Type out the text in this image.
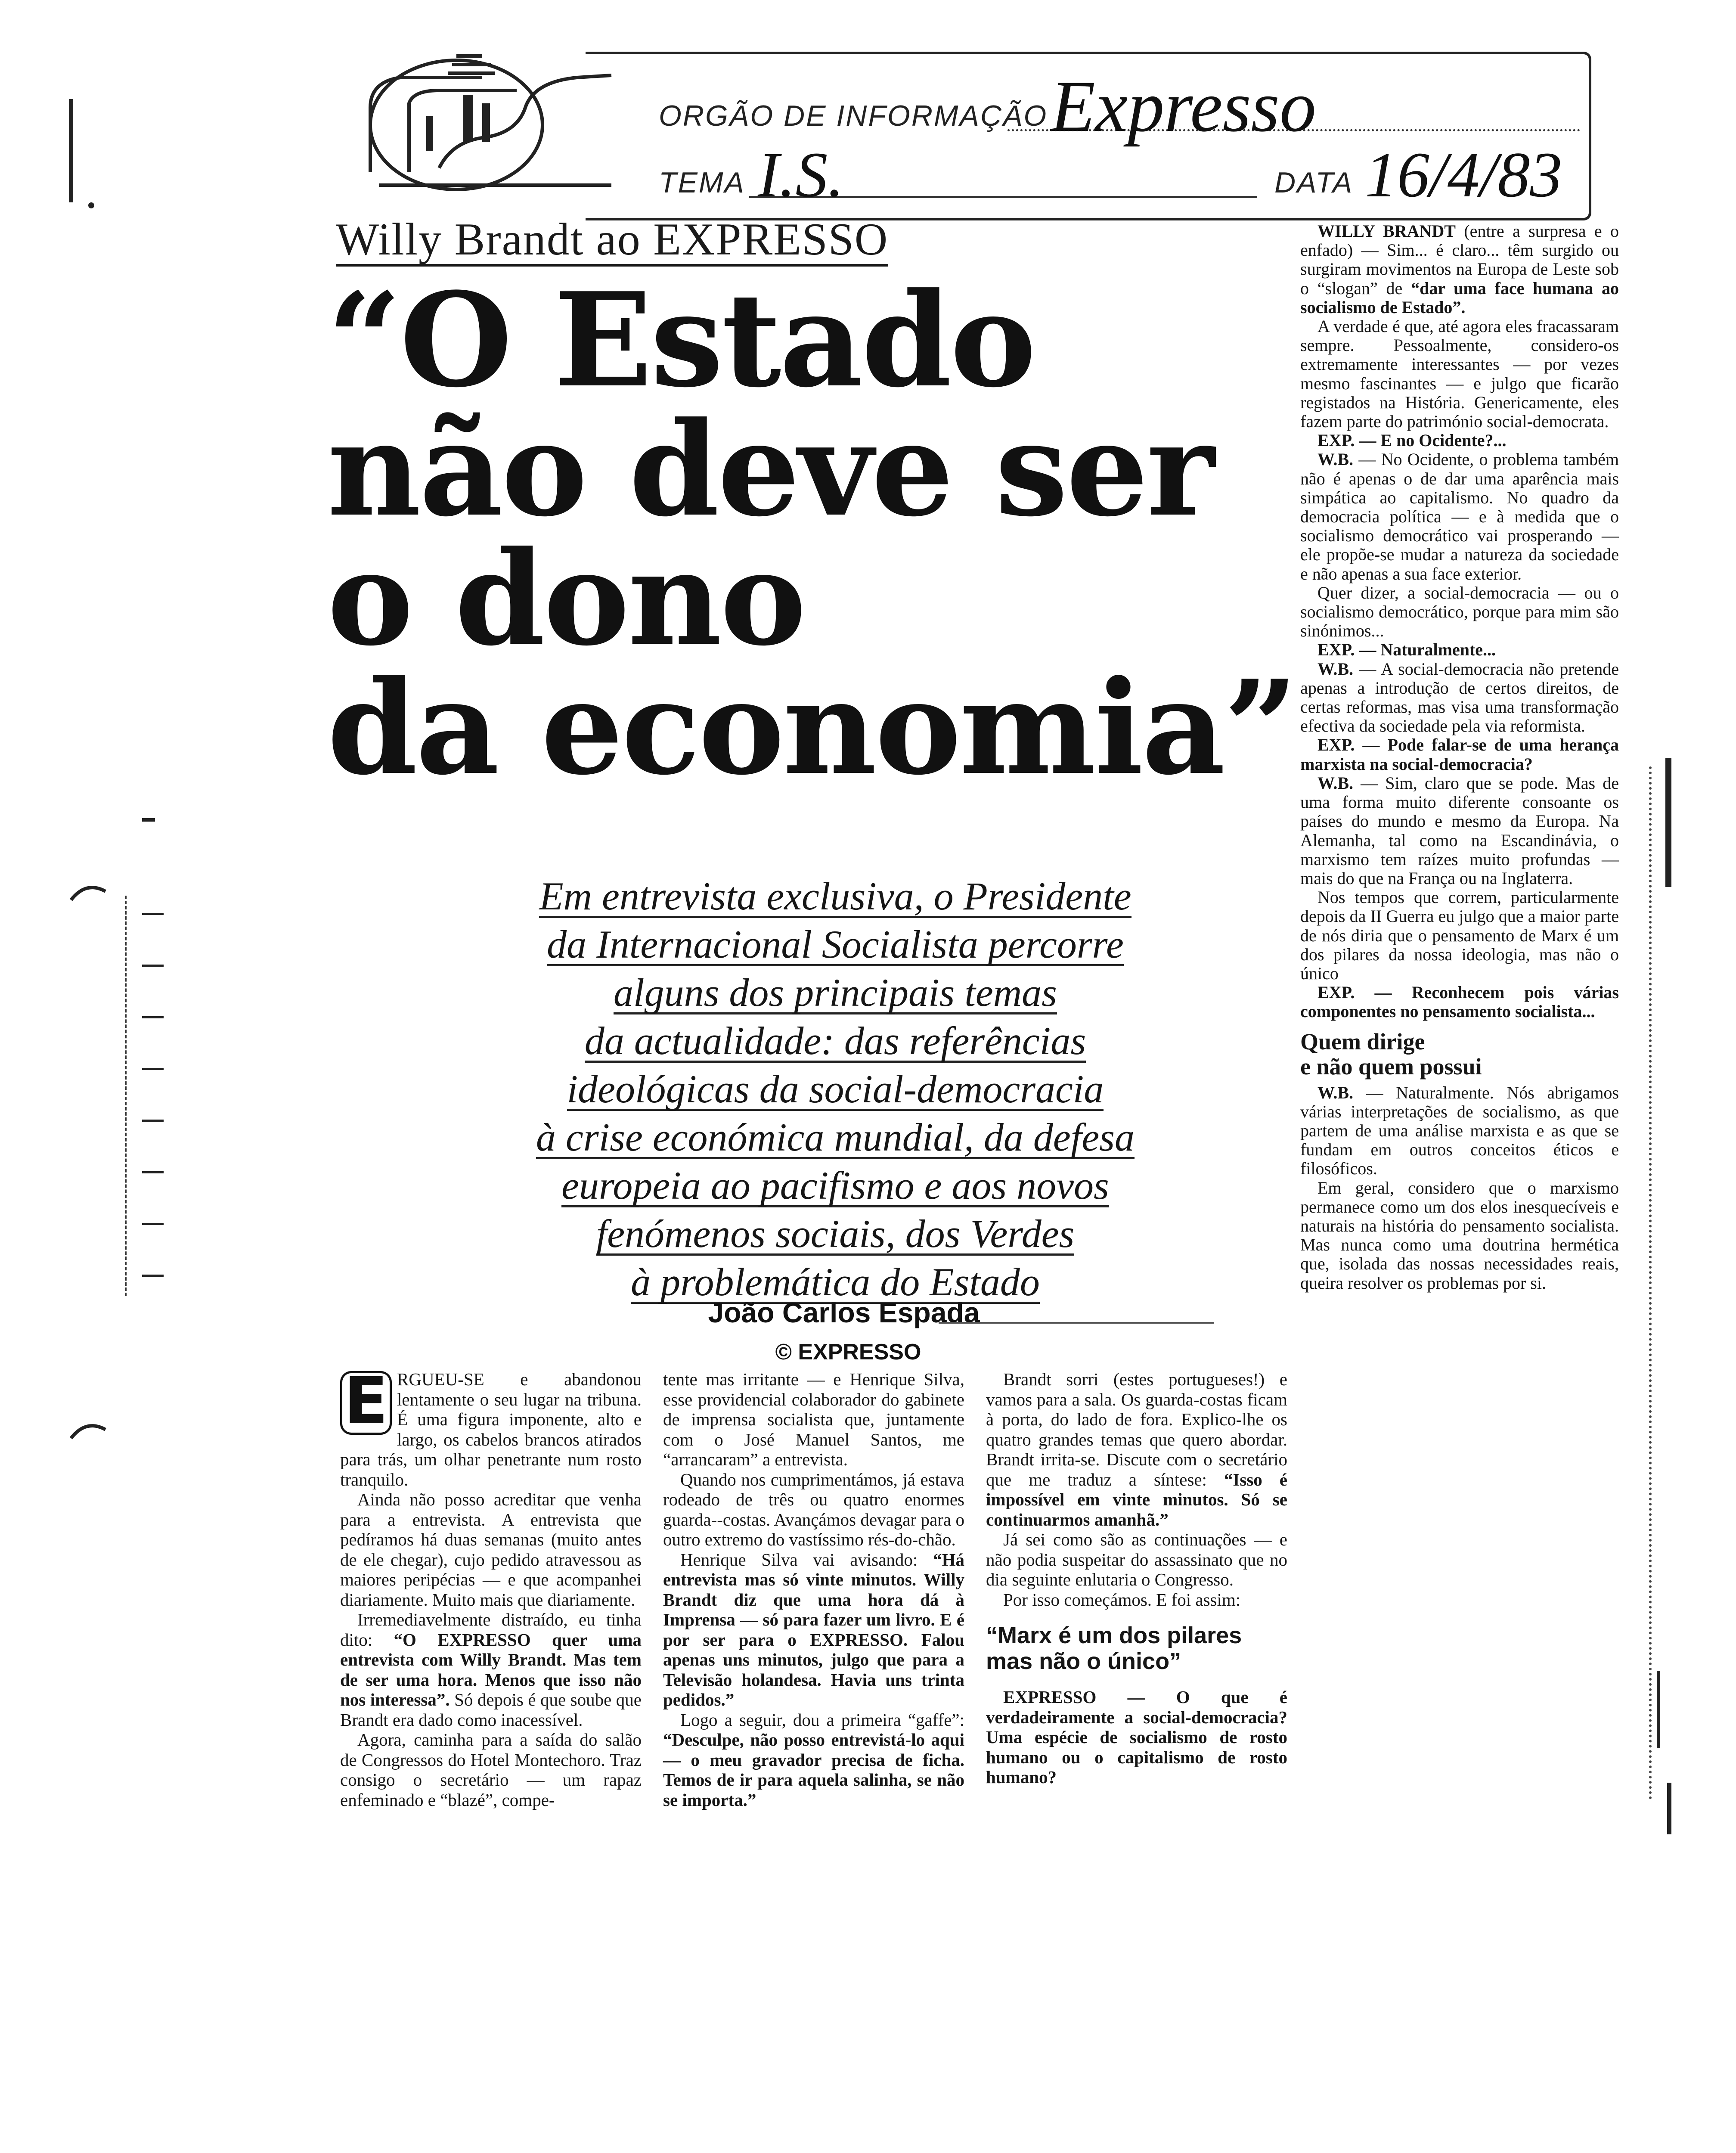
ORGÃO DE INFORMAÇÃO Expresso
TEMA I.S.	DATA 16/4/83
Willy Brandt ao EXPRESSO
“O Estado
não deve ser
o dono
da economia”
Em entrevista exclusiva, o Presidente
da Internacional Socialista percorre
alguns dos principais temas
da actualidade: das referências
ideológicas da social-democracia
à crise económica mundial, da defesa
europeia ao pacifismo e aos novos
fenómenos sociais, dos Verdes
à problemática do Estado
João Carlos Espada
© EXPRESSO

E RGUEU-SE e abandonou lentamente o seu lugar na tribuna. É uma figura imponente, alto e largo, os cabelos brancos atirados para trás, um olhar penetrante num rosto tranquilo.

Ainda não posso acreditar que venha para a entrevista. A entrevista que pedíramos há duas semanas (muito antes de ele chegar), cujo pedido atravessou as maiores peripécias — e que acompanhei diariamente. Muito mais que diariamente.

Irremediavelmente distraído, eu tinha dito: “O EXPRESSO quer uma entrevista com Willy Brandt. Mas tem de ser uma hora. Menos que isso não nos interessa”. Só depois é que soube que Brandt era dado como inacessível.

Agora, caminha para a saída do salão de Congressos do Hotel Montechoro. Traz consigo o secretário — um rapaz enfeminado e “blazé”, compe-

tente mas irritante — e Henrique Silva, esse providencial colaborador do gabinete de imprensa socialista que, juntamente com o José Manuel Santos, me “arrancaram” a entrevista.

Quando nos cumprimentámos, já estava rodeado de três ou quatro enormes guarda--costas. Avançámos devagar para o outro extremo do vastíssimo rés-do-chão.

Henrique Silva vai avisando: “Há entrevista mas só vinte minutos. Willy Brandt diz que uma hora dá à Imprensa — só para fazer um livro. E é por ser para o EXPRESSO. Falou apenas uns minutos, julgo que para a Televisão holandesa. Havia uns trinta pedidos.”

Logo a seguir, dou a primeira “gaffe”: “Desculpe, não posso entrevistá-lo aqui — o meu gravador precisa de ficha. Temos de ir para aquela salinha, se não se importa.”

Brandt sorri (estes portugueses!) e vamos para a sala. Os guarda-costas ficam à porta, do lado de fora. Explico-lhe os quatro grandes temas que quero abordar. Brandt irrita-se. Discute com o secretário que me traduz a síntese: “Isso é impossível em vinte minutos. Só se continuarmos amanhã.”

Já sei como são as continuações — e não podia suspeitar do assassinato que no dia seguinte enlutaria o Congresso.

Por isso começámos. E foi assim:

“Marx é um dos pilares mas não o único”

EXPRESSO — O que é verdadeiramente a social-democracia? Uma espécie de socialismo de rosto humano ou o capitalismo de rosto humano?

WILLY BRANDT (entre a surpresa e o enfado) — Sim... é claro... têm surgido ou surgiram movimentos na Europa de Leste sob o “slogan” de “dar uma face humana ao socialismo de Estado”.

A verdade é que, até agora eles fracassaram sempre. Pessoalmente, considero-os extremamente interessantes — por vezes mesmo fascinantes — e julgo que ficarão registados na História. Genericamente, eles fazem parte do património social-democrata.

EXP. — E no Ocidente?...

W.B. — No Ocidente, o problema também não é apenas o de dar uma aparência mais simpática ao capitalismo. No quadro da democracia política — e à medida que o socialismo democrático vai prosperando — ele propõe-se mudar a natureza da sociedade e não apenas a sua face exterior.

Quer dizer, a social-democracia — ou o socialismo democrático, porque para mim são sinónimos...

EXP. — Naturalmente...

W.B. — A social-democracia não pretende apenas a introdução de certos direitos, de certas reformas, mas visa uma transformação efectiva da sociedade pela via reformista.

EXP. — Pode falar-se de uma herança marxista na social-democracia?

W.B. — Sim, claro que se pode. Mas de uma forma muito diferente consoante os países do mundo e mesmo da Europa. Na Alemanha, tal como na Escandinávia, o marxismo tem raízes muito profundas — mais do que na França ou na Inglaterra.

Nos tempos que correm, particularmente depois da II Guerra eu julgo que a maior parte de nós diria que o pensamento de Marx é um dos pilares da nossa ideologia, mas não o único

EXP. — Reconhecem pois várias componentes no pensamento socialista...

Quem dirige
e não quem possui

W.B. — Naturalmente. Nós abrigamos várias interpretações de socialismo, as que partem de uma análise marxista e as que se fundam em outros conceitos éticos e filosóficos.

Em geral, considero que o marxismo permanece como um dos elos inesquecíveis e naturais na história do pensamento socialista. Mas nunca como uma doutrina hermética que, isolada das nossas necessidades reais, queira resolver os problemas por si.
